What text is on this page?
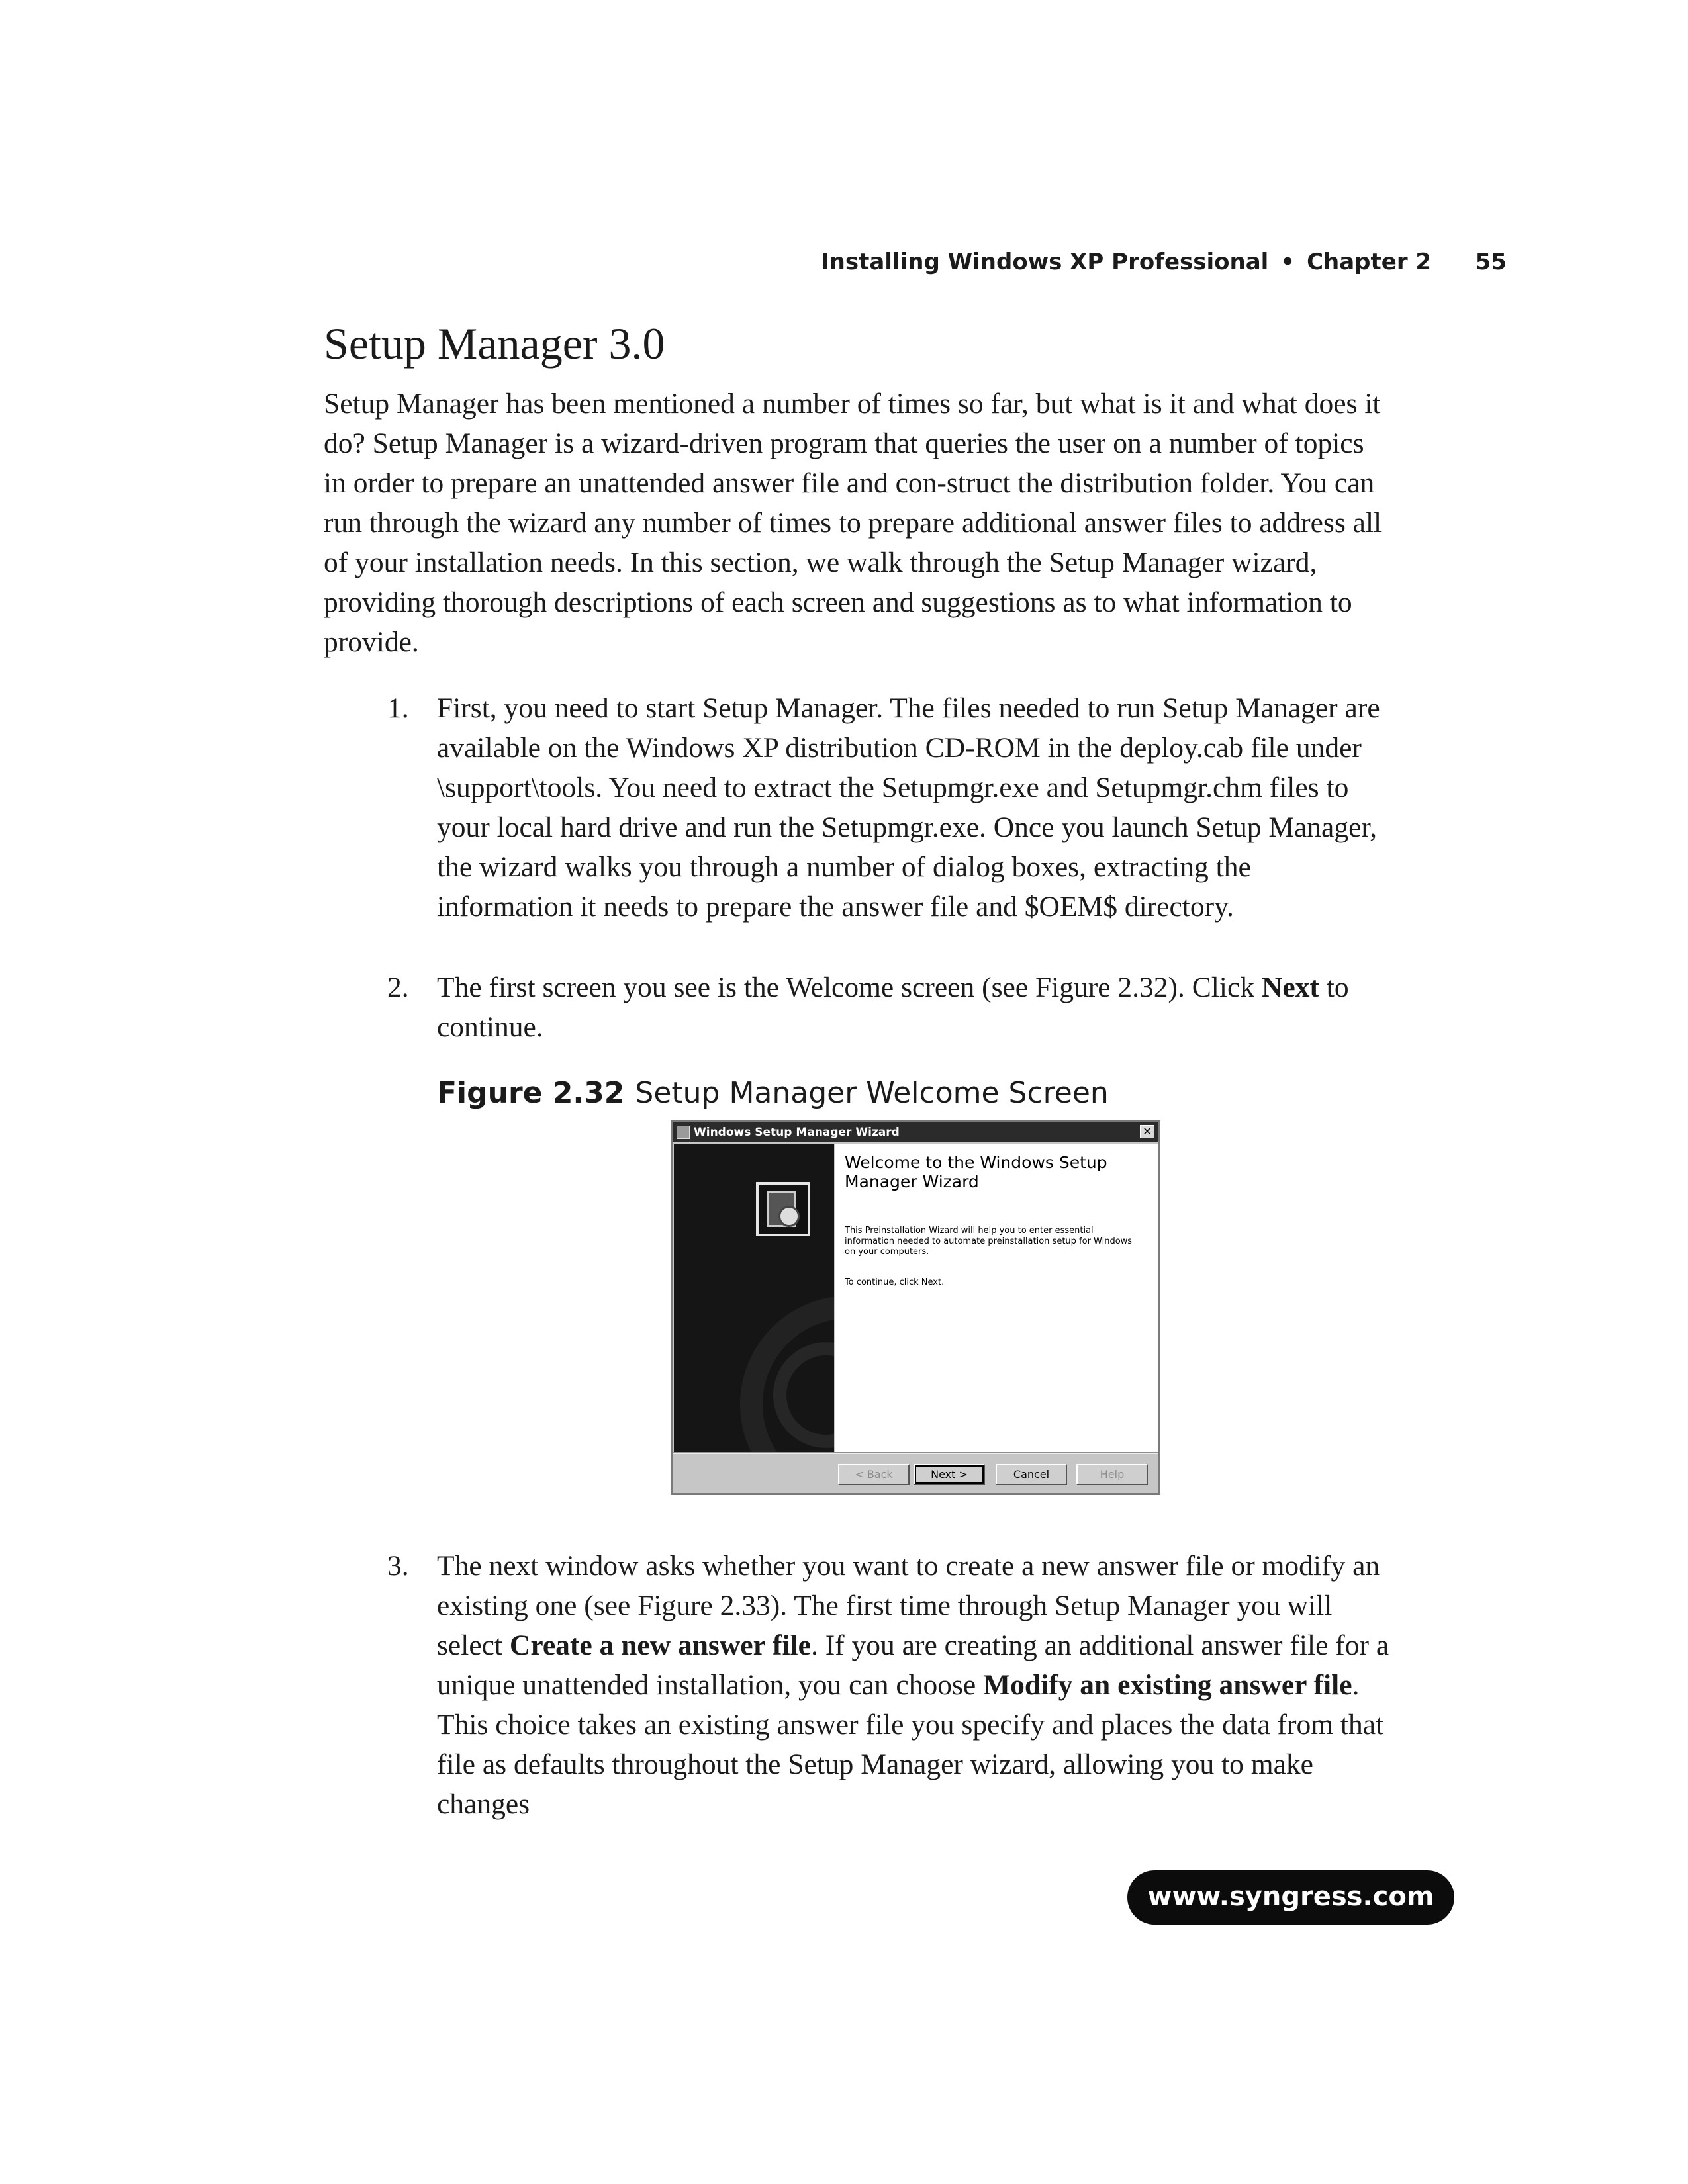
Installing Windows XP Professional • Chapter 2 55
Setup Manager 3.0

Setup Manager has been mentioned a number of times so far, but what is it and what does it do? Setup Manager is a wizard-driven program that queries the user on a number of topics in order to prepare an unattended answer file and con-struct the distribution folder. You can run through the wizard any number of times to prepare additional answer files to address all of your installation needs. In this section, we walk through the Setup Manager wizard, providing thorough descriptions of each screen and suggestions as to what information to provide.

1. First, you need to start Setup Manager. The files needed to run Setup Manager are available on the Windows XP distribution CD-ROM in the deploy.cab file under \support\tools. You need to extract the Setupmgr.exe and Setupmgr.chm files to your local hard drive and run the Setupmgr.exe. Once you launch Setup Manager, the wizard walks you through a number of dialog boxes, extracting the information it needs to prepare the answer file and $OEM$ directory.
2. The first screen you see is the Welcome screen (see Figure 2.32). Click Next to continue.

Figure 2.32 Setup Manager Welcome Screen

Windows Setup Manager Wizard	✕
Welcome to the Windows Setup Manager Wizard

This Preinstallation Wizard will help you to enter essential information needed to automate preinstallation setup for Windows on your computers.

To continue, click Next.

< Back	Next >	Cancel	Help
3. The next window asks whether you want to create a new answer file or modify an existing one (see Figure 2.33). The first time through Setup Manager you will select Create a new answer file. If you are creating an additional answer file for a unique unattended installation, you can choose Modify an existing answer file. This choice takes an existing answer file you specify and places the data from that file as defaults throughout the Setup Manager wizard, allowing you to make changes
www.syngress.com
